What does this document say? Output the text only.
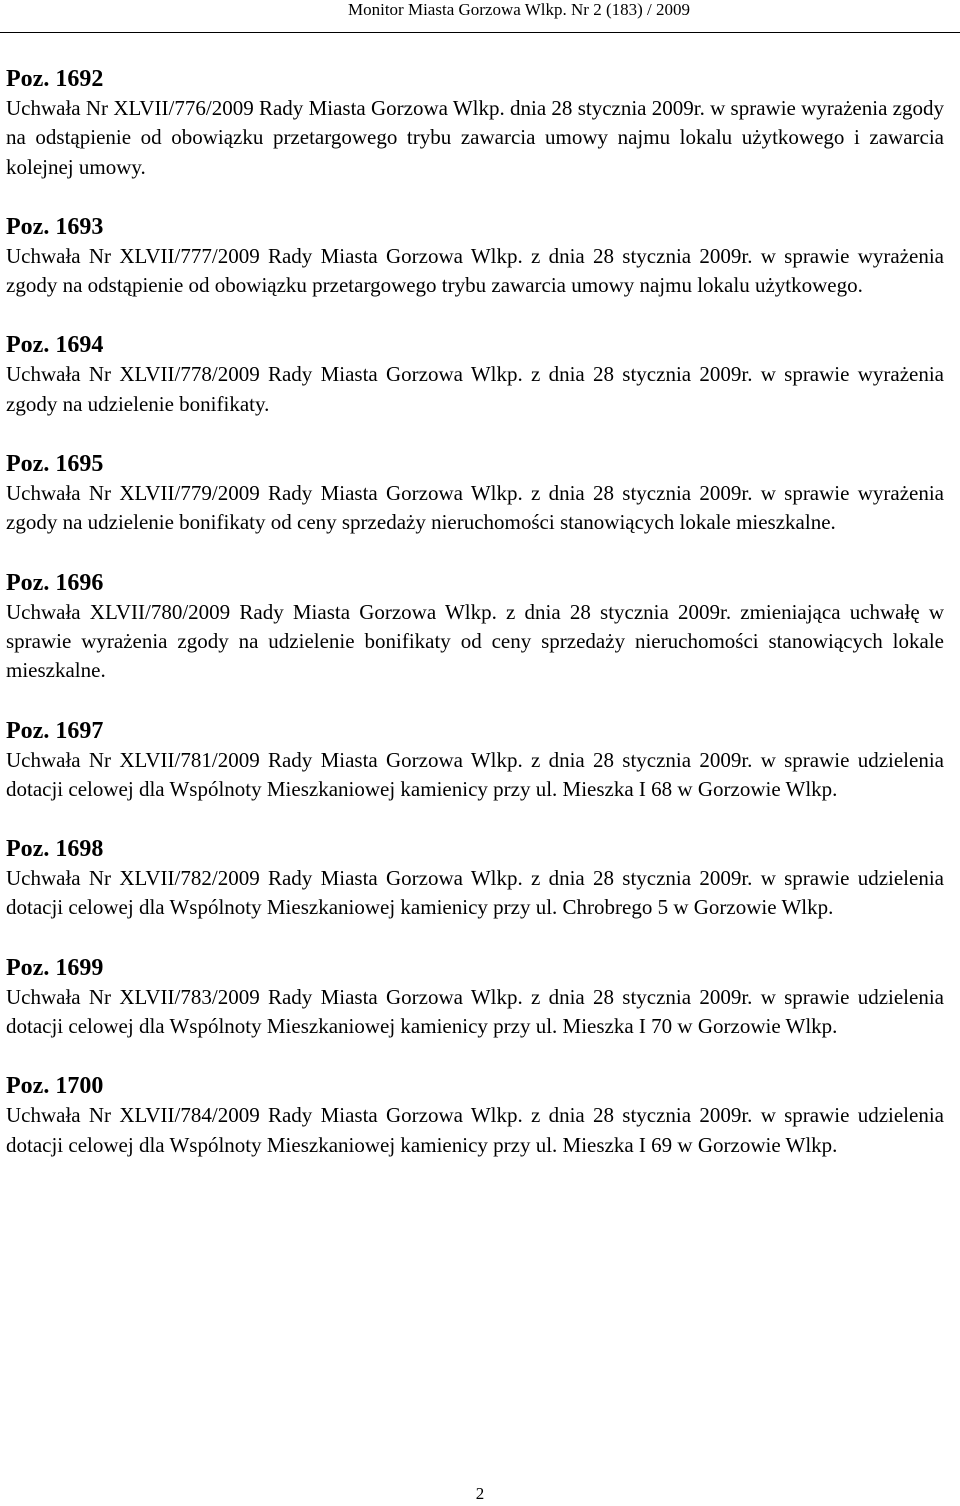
Monitor Miasta Gorzowa Wlkp. Nr 2 (183) / 2009
Poz. 1692
Uchwała Nr XLVII/776/2009 Rady Miasta Gorzowa Wlkp. dnia 28 stycznia 2009r. w sprawie wyrażenia zgody na odstąpienie od obowiązku przetargowego trybu zawarcia umowy najmu lokalu użytkowego i zawarcia kolejnej umowy.
Poz. 1693
Uchwała Nr XLVII/777/2009 Rady Miasta Gorzowa Wlkp. z dnia 28 stycznia 2009r. w sprawie wyrażenia zgody na odstąpienie od obowiązku przetargowego trybu zawarcia umowy najmu lokalu użytkowego.
Poz. 1694
Uchwała Nr XLVII/778/2009 Rady Miasta Gorzowa Wlkp. z dnia 28 stycznia 2009r. w sprawie wyrażenia zgody na udzielenie bonifikaty.
Poz. 1695
Uchwała Nr XLVII/779/2009 Rady Miasta Gorzowa Wlkp. z dnia 28 stycznia 2009r. w sprawie wyrażenia zgody na udzielenie bonifikaty od ceny sprzedaży nieruchomości stanowiących lokale mieszkalne.
Poz. 1696
Uchwała XLVII/780/2009 Rady Miasta Gorzowa Wlkp. z dnia 28 stycznia 2009r. zmieniająca uchwałę w sprawie wyrażenia zgody na udzielenie bonifikaty od ceny sprzedaży nieruchomości stanowiących lokale mieszkalne.
Poz. 1697
Uchwała Nr XLVII/781/2009 Rady Miasta Gorzowa Wlkp. z dnia 28 stycznia 2009r. w sprawie udzielenia dotacji celowej dla Wspólnoty Mieszkaniowej kamienicy przy ul. Mieszka I 68 w Gorzowie Wlkp.
Poz. 1698
Uchwała Nr XLVII/782/2009 Rady Miasta Gorzowa Wlkp. z dnia 28 stycznia 2009r. w sprawie udzielenia dotacji celowej dla Wspólnoty Mieszkaniowej kamienicy przy ul. Chrobrego 5 w Gorzowie Wlkp.
Poz. 1699
Uchwała Nr XLVII/783/2009 Rady Miasta Gorzowa Wlkp. z dnia 28 stycznia 2009r. w sprawie udzielenia dotacji celowej dla Wspólnoty Mieszkaniowej kamienicy przy ul. Mieszka I 70 w Gorzowie Wlkp.
Poz. 1700
Uchwała Nr XLVII/784/2009 Rady Miasta Gorzowa Wlkp. z dnia 28 stycznia 2009r. w sprawie udzielenia dotacji celowej dla Wspólnoty Mieszkaniowej kamienicy przy ul. Mieszka I 69 w Gorzowie Wlkp.
2
